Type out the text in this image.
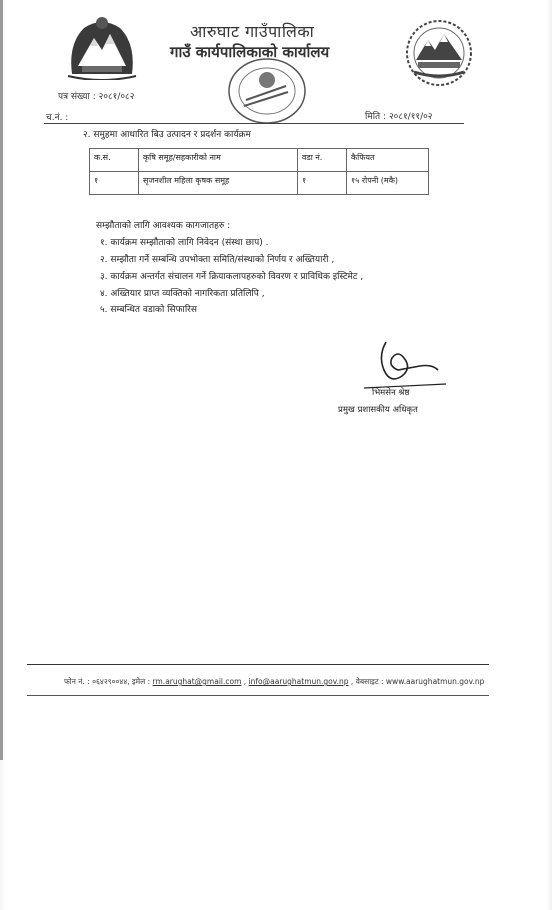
आरुघाट गाउँपालिका
गाउँ कार्यपालिकाको कार्यालय
पत्र संख्या : २०८१/०८२
च.नं. :	मिति : २०८१/११/०२
२. समुहमा आधारित बिउ उत्पादन र प्रदर्शन कार्यक्रम
क.सं.	कृषि समूह/सहकारीको नाम	वडा नं.	कैफियत
१	सृजनशील महिला कृषक समूह	१	१५ रोपनी (मकै)
सम्झौताको लागि आवश्यक कागजातहरु :
१. कार्यक्रम सम्झौताको लागि निवेदन (संस्था छाप) .
२. सम्झौता गर्ने सम्बन्धि उपभोक्ता समिति/संस्थाको निर्णय र अख्तियारी ,
३. कार्यक्रम अन्तर्गत संचालन गर्ने क्रियाकलापहरुको विवरण र प्राविधिक इस्टिमेट ,
४. अख्तियार प्राप्त व्यक्तिको नागरिकता प्रतिलिपि ,
५. सम्बन्धित वडाको सिफारिस
भिमसेन श्रेष्ठ
प्रमुख प्रशासकीय अधिकृत
फोन नं. : ०६४२९००४४, इमेल : rm.arughat@gmail.com , info@aarughatmun.gov.np , वेबसाइट : www.aarughatmun.gov.np
